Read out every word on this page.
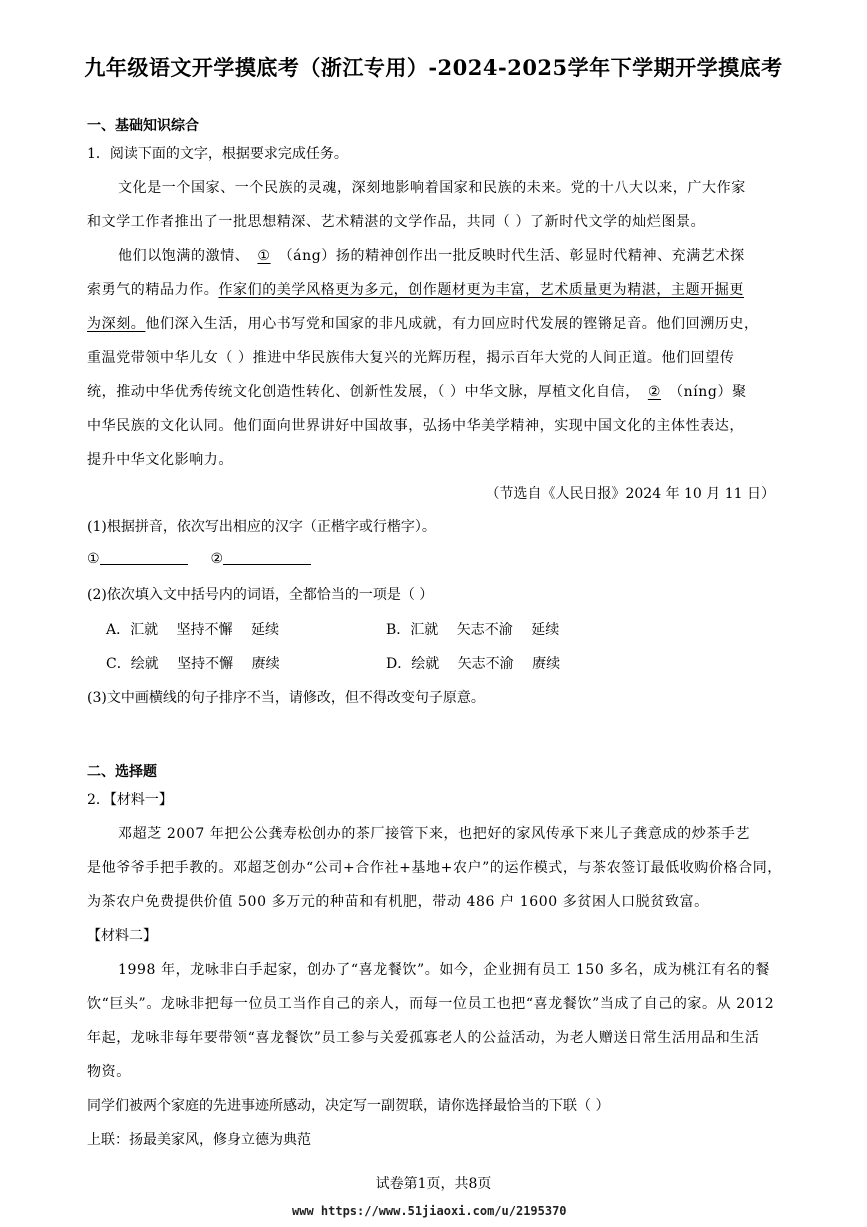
九年级语文开学摸底考（浙江专用）-2024-2025学年下学期开学摸底考
一、基础知识综合
1．阅读下面的文字，根据要求完成任务。
文化是一个国家、一个民族的灵魂，深刻地影响着国家和民族的未来。党的十八大以来，广大作家
和文学工作者推出了一批思想精深、艺术精湛的文学作品，共同（ ）了新时代文学的灿烂图景。
他们以饱满的激情、 ① （áng）扬的精神创作出一批反映时代生活、彰显时代精神、充满艺术探
索勇气的精品力作。作家们的美学风格更为多元，创作题材更为丰富，艺术质量更为精湛，主题开掘更
为深刻。他们深入生活，用心书写党和国家的非凡成就，有力回应时代发展的铿锵足音。他们回溯历史，
重温党带领中华儿女（ ）推进中华民族伟大复兴的光辉历程，揭示百年大党的人间正道。他们回望传
统，推动中华优秀传统文化创造性转化、创新性发展，（ ）中华文脉，厚植文化自信， ② （níng）聚
中华民族的文化认同。他们面向世界讲好中国故事，弘扬中华美学精神，实现中国文化的主体性表达，
提升中华文化影响力。
（节选自《人民日报》2024 年 10 月 11 日）
(1)根据拼音，依次写出相应的汉字（正楷字或行楷字）。
①	②
(2)依次填入文中括号内的词语，全都恰当的一项是（ ）
A．汇就　 坚持不懈　 延续	B．汇就　 矢志不渝　 延续
C．绘就　 坚持不懈　 赓续	D．绘就　 矢志不渝　 赓续
(3)文中画横线的句子排序不当，请修改，但不得改变句子原意。
二、选择题
2．【材料一】
邓超芝 2007 年把公公龚寿松创办的茶厂接管下来，也把好的家风传承下来儿子龚意成的炒茶手艺
是他爷爷手把手教的。邓超芝创办“公司+合作社+基地+农户”的运作模式，与茶农签订最低收购价格合同，
为茶农户免费提供价值 500 多万元的种苗和有机肥，带动 486 户 1600 多贫困人口脱贫致富。
【材料二】
1998 年，龙咏非白手起家，创办了“喜龙餐饮”。如今，企业拥有员工 150 多名，成为桃江有名的餐
饮“巨头”。龙咏非把每一位员工当作自己的亲人，而每一位员工也把“喜龙餐饮”当成了自己的家。从 2012
年起，龙咏非每年要带领“喜龙餐饮”员工参与关爱孤寡老人的公益活动，为老人赠送日常生活用品和生活
物资。
同学们被两个家庭的先进事迹所感动，决定写一副贺联，请你选择最恰当的下联（ ）
上联：扬最美家风，修身立德为典范
试卷第1页，共8页
www https://www.51jiaoxi.com/u/2195370
